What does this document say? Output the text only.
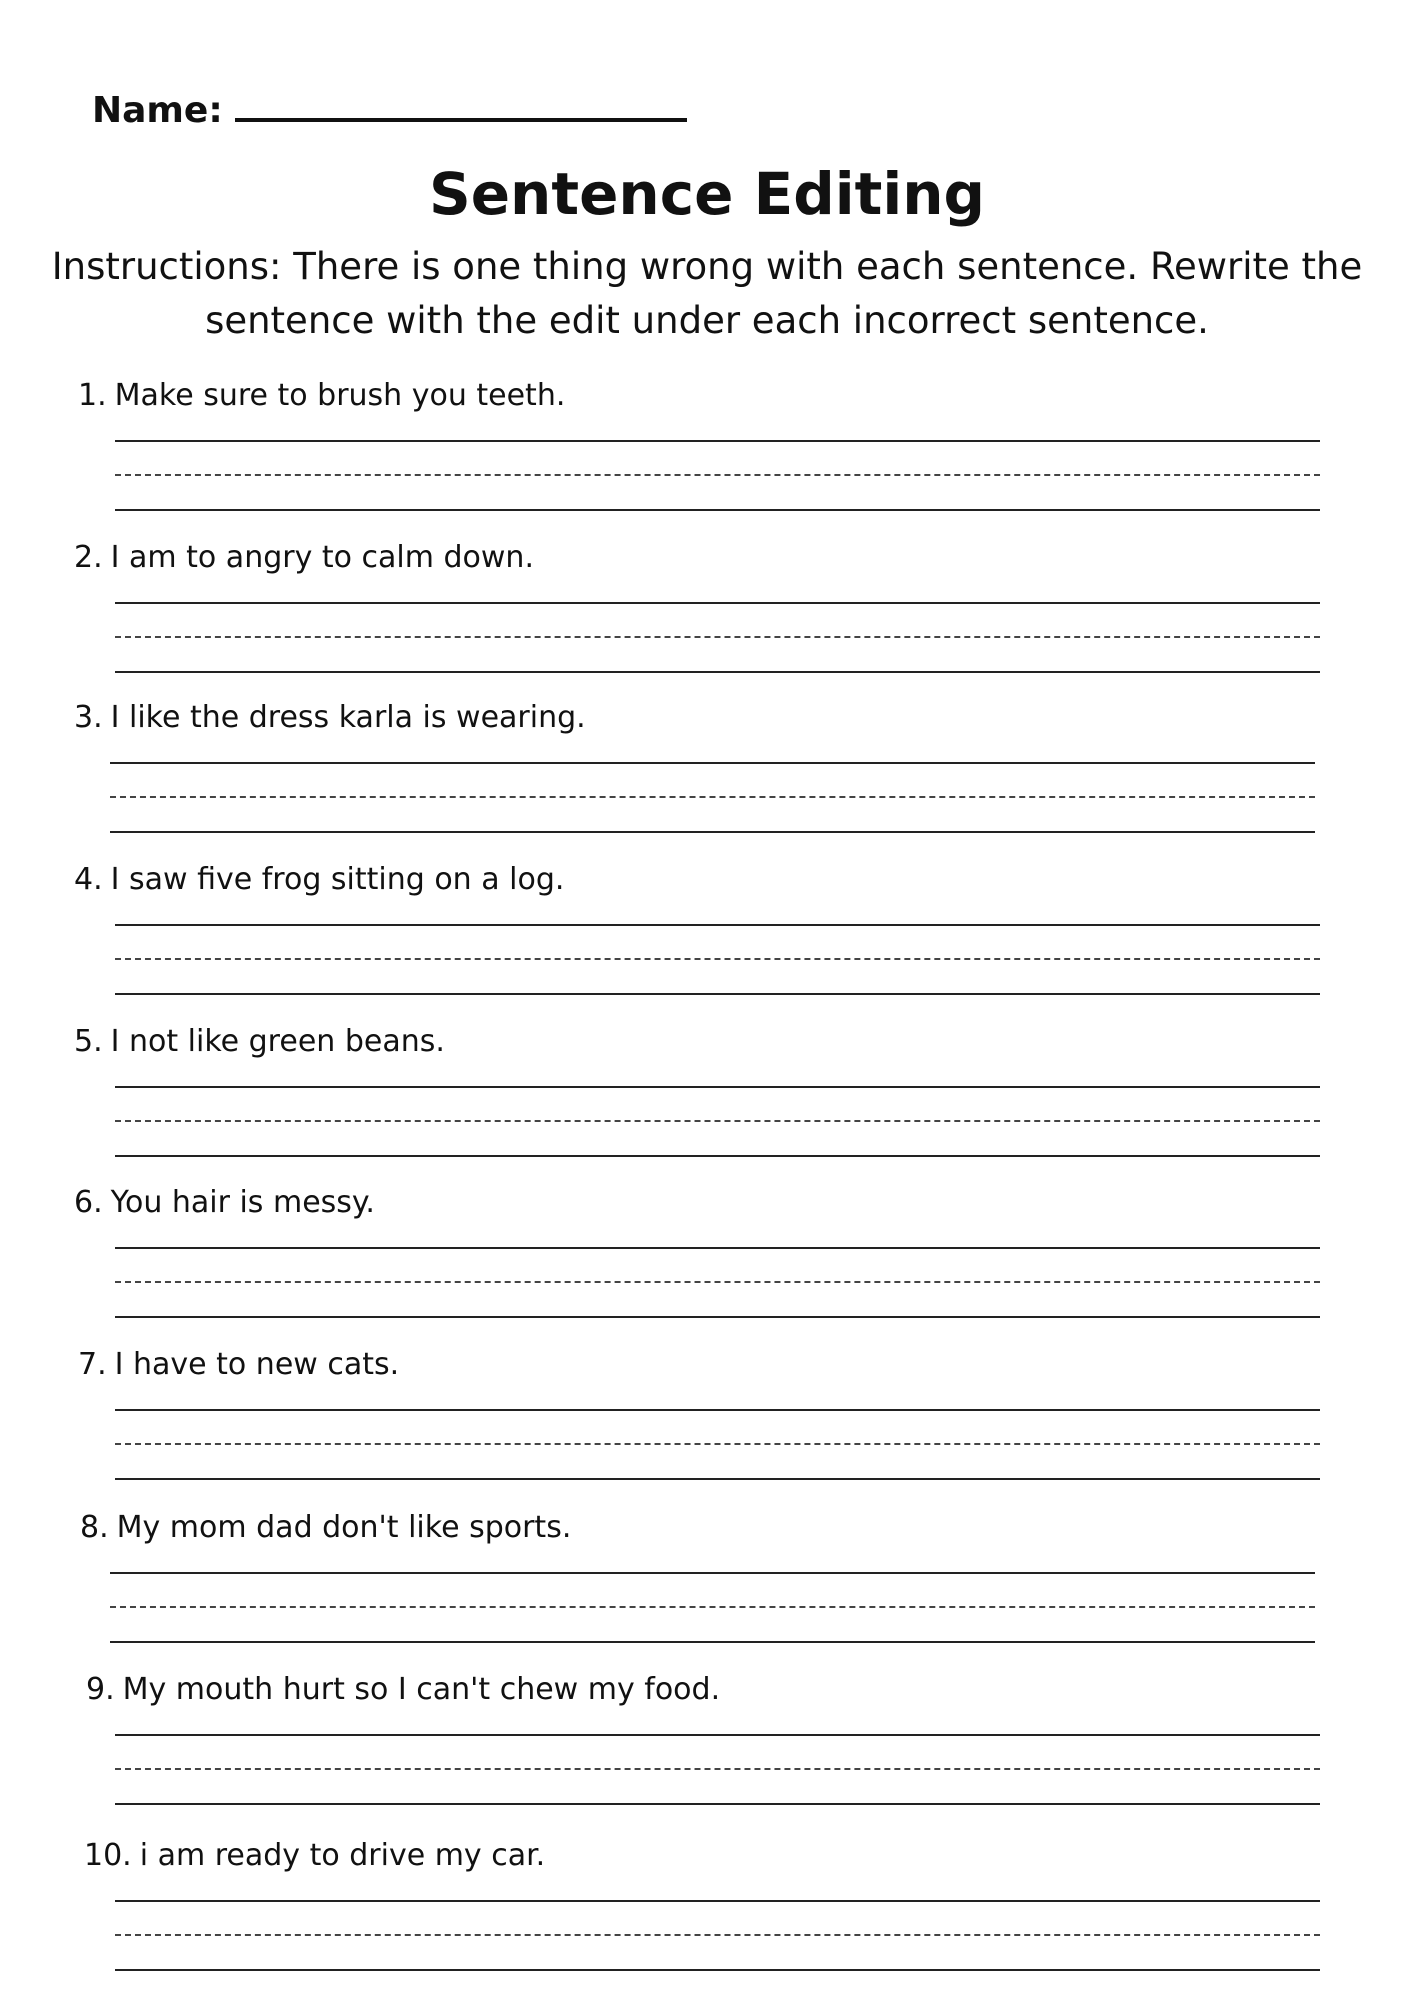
Name:
Sentence Editing
Instructions: There is one thing wrong with each sentence. Rewrite the sentence with the edit under each incorrect sentence.
1. Make sure to brush you teeth.
2. I am to angry to calm down.
3. I like the dress karla is wearing.
4. I saw five frog sitting on a log.
5. I not like green beans.
6. You hair is messy.
7. I have to new cats.
8. My mom dad don't like sports.
9. My mouth hurt so I can't chew my food.
10. i am ready to drive my car.
